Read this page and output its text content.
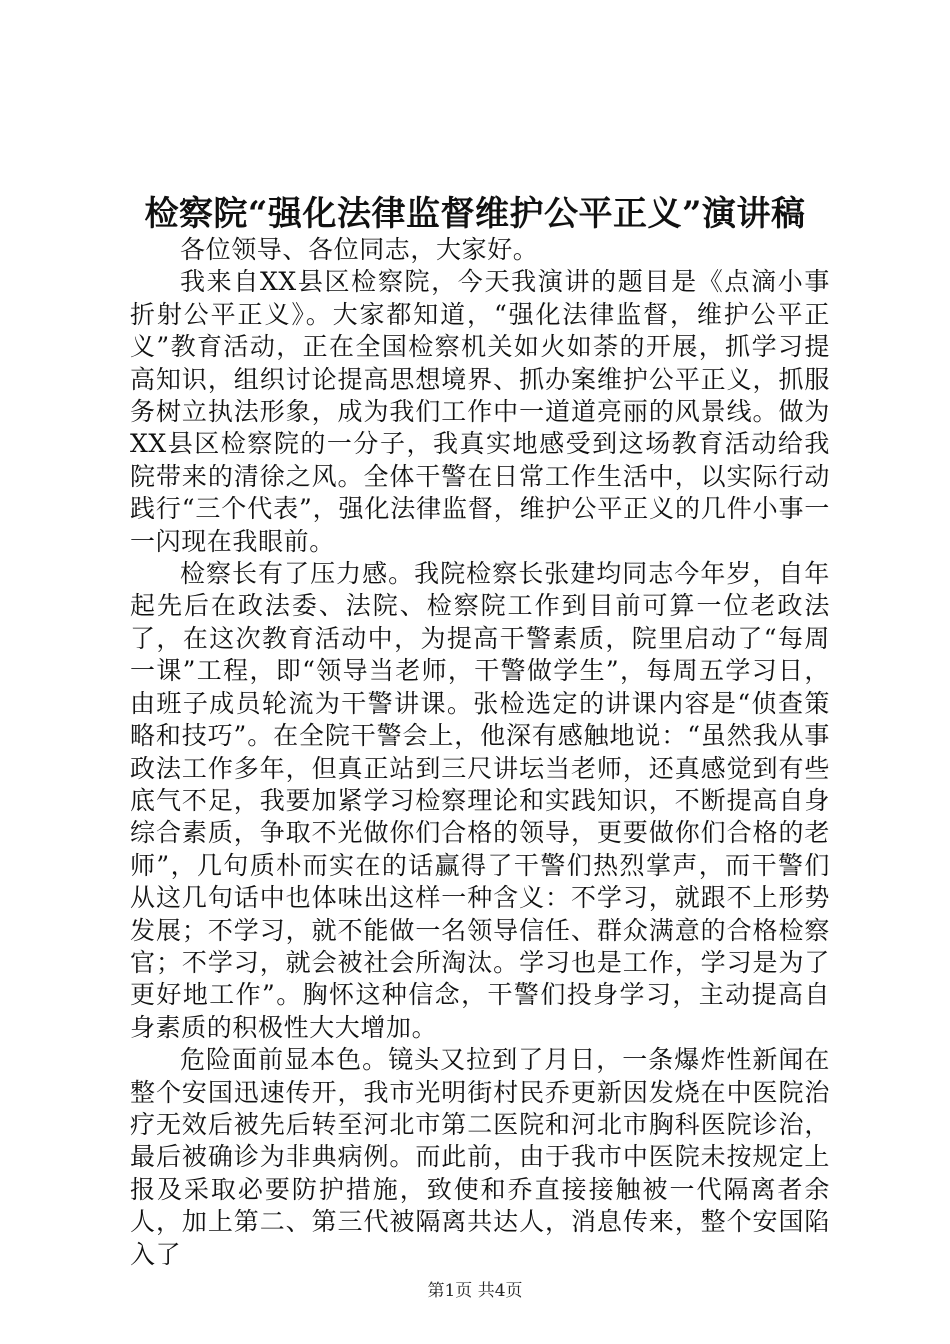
检察院“强化法律监督维护公平正义”演讲稿

各位领导、各位同志，大家好。

我来自XX县区检察院，今天我演讲的题目是《点滴小事折射公平正义》。大家都知道，“强化法律监督，维护公平正义”教育活动，正在全国检察机关如火如荼的开展，抓学习提高知识，组织讨论提高思想境界、抓办案维护公平正义，抓服务树立执法形象，成为我们工作中一道道亮丽的风景线。做为XX县区检察院的一分子，我真实地感受到这场教育活动给我院带来的清徐之风。全体干警在日常工作生活中，以实际行动践行“三个代表”，强化法律监督，维护公平正义的几件小事一一闪现在我眼前。

检察长有了压力感。我院检察长张建均同志今年岁，自年起先后在政法委、法院、检察院工作到目前可算一位老政法了，在这次教育活动中，为提高干警素质，院里启动了“每周一课”工程，即“领导当老师，干警做学生”，每周五学习日，由班子成员轮流为干警讲课。张检选定的讲课内容是“侦查策略和技巧”。在全院干警会上，他深有感触地说：“虽然我从事政法工作多年，但真正站到三尺讲坛当老师，还真感觉到有些底气不足，我要加紧学习检察理论和实践知识，不断提高自身综合素质，争取不光做你们合格的领导，更要做你们合格的老师”，几句质朴而实在的话赢得了干警们热烈掌声，而干警们从这几句话中也体味出这样一种含义：不学习，就跟不上形势发展；不学习，就不能做一名领导信任、群众满意的合格检察官；不学习，就会被社会所淘汰。学习也是工作，学习是为了更好地工作”。胸怀这种信念，干警们投身学习，主动提高自身素质的积极性大大增加。

危险面前显本色。镜头又拉到了月日，一条爆炸性新闻在整个安国迅速传开，我市光明街村民乔更新因发烧在中医院治疗无效后被先后转至河北市第二医院和河北市胸科医院诊治，最后被确诊为非典病例。而此前，由于我市中医院未按规定上报及采取必要防护措施，致使和乔直接接触被一代隔离者余人，加上第二、第三代被隔离共达人，消息传来，整个安国陷入了

第1页 共4页
